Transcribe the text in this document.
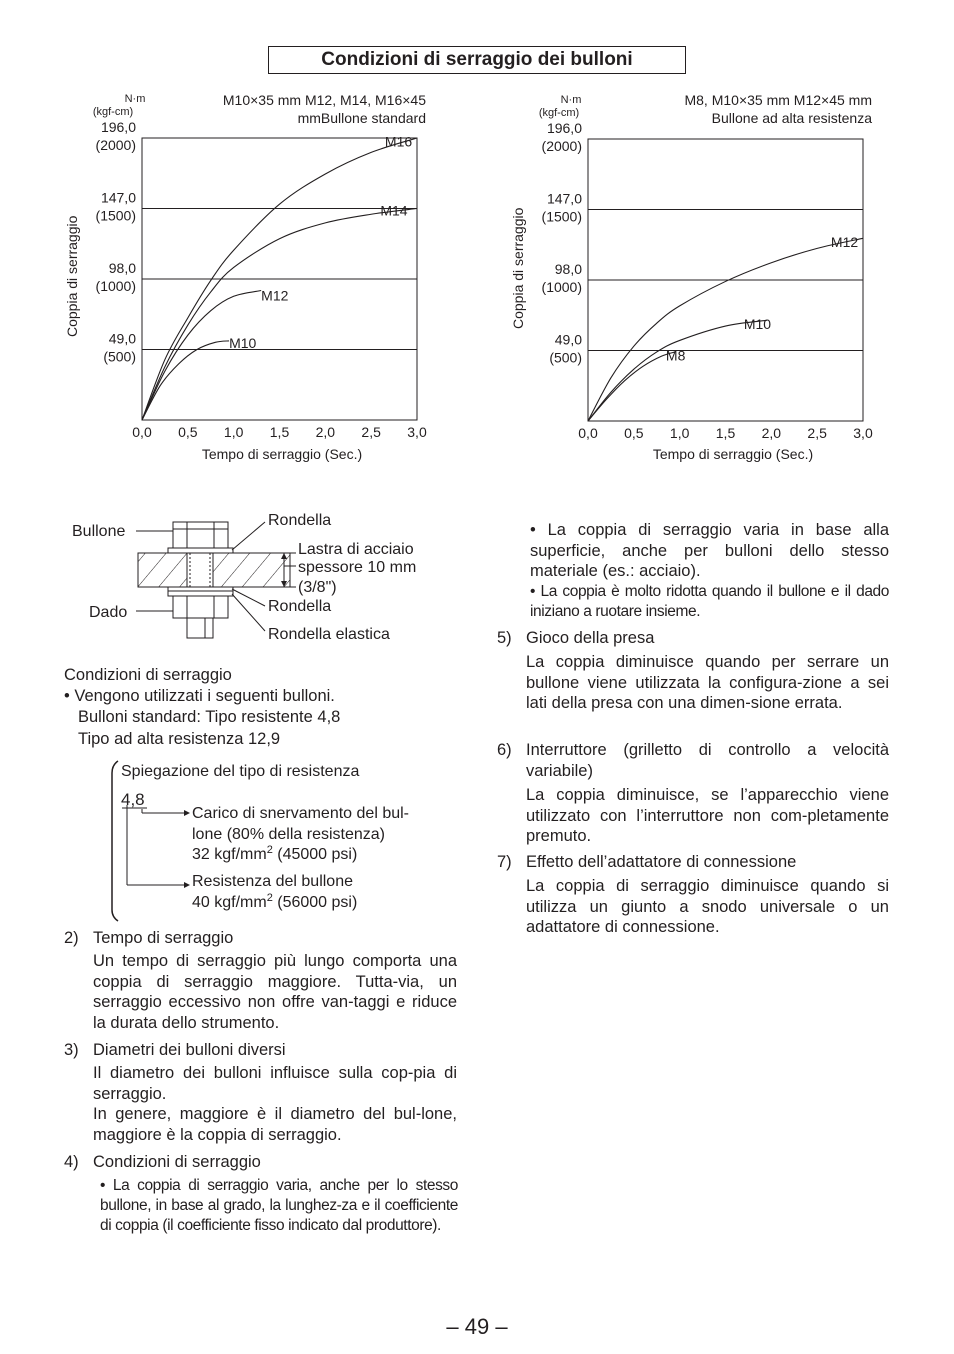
Condizioni di serraggio dei bulloni
N·m
(kgf-cm)
M10×35 mm M12, M14, M16×45
mmBullone standard
Coppia di serraggio
196,0
(2000)
147,0
(1500)
98,0
(1000)
49,0
(500)
M16
M14
M12
M10
0,0 0,5 1,0 1,5 2,0 2,5 3,0
Tempo di serraggio (Sec.)
N·m
(kgf-cm)
M8, M10×35 mm M12×45 mm
Bullone ad alta resistenza
Coppia di serraggio
196,0
(2000)
147,0
(1500)
98,0
(1000)
49,0
(500)
M12
M10
M8
0,0 0,5 1,0 1,5 2,0 2,5 3,0
Tempo di serraggio (Sec.)
Bullone
Dado
Rondella
Lastra di acciaio
spessore 10 mm
(3/8")
Rondella
Rondella elastica
Condizioni di serraggio
• Vengono utilizzati i seguenti bulloni.
Bulloni standard: Tipo resistente 4,8
Tipo ad alta resistenza 12,9
Spiegazione del tipo di resistenza
4,8
Carico di snervamento del bul-
lone (80% della resistenza)
32 kgf/$mm^2$ (45000 psi)
Resistenza del bullone
40 kgf/$mm^2$ (56000 psi)
2) Tempo di serraggio
Un tempo di serraggio più lungo comporta una coppia di serraggio maggiore. Tutta-via, un serraggio eccessivo non offre van-taggi e riduce la durata dello strumento.
3) Diametri dei bulloni diversi
Il diametro dei bulloni influisce sulla cop-pia di serraggio.
In genere, maggiore è il diametro del bul-lone, maggiore è la coppia di serraggio.
4) Condizioni di serraggio
• La coppia di serraggio varia, anche per lo stesso bullone, in base al grado, la lunghez-za e il coefficiente di coppia (il coefficiente fisso indicato dal produttore).
• La coppia di serraggio varia in base alla superficie, anche per bulloni dello stesso materiale (es.: acciaio).
• La coppia è molto ridotta quando il bullone e il dado iniziano a ruotare insieme.
5) Gioco della presa
La coppia diminuisce quando per serrare un bullone viene utilizzata la configura-zione a sei lati della presa con una dimen-sione errata.
6) Interruttore (grilletto di controllo a velocità variabile)
La coppia diminuisce, se l’apparecchio viene utilizzato con l’interruttore non com-pletamente premuto.
7) Effetto dell’adattatore di connessione
La coppia di serraggio diminuisce quando si utilizza un giunto a snodo universale o un adattatore di connessione.
– 49 –
